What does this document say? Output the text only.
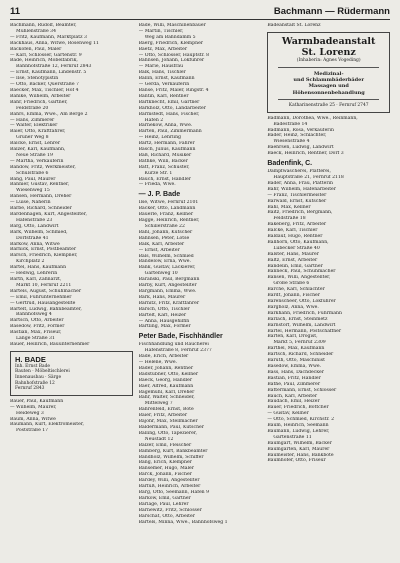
11	Bachmann — Rüdermann
Bachmann, Rudolf, Beamter,
Mühlenstraße 34
— Fritz, Kaufmann, Marktplatz 3
Backhaus, Anna, Witwe, Rosenweg 11
Backofen, Paul, Maler
— Karl, Schlosser, Gartenstr. 9
Bade, Heinrich, Möbelfabrik,
Bahnhofstraße 12, Fernruf 2843
— Ernst, Kaufmann, Lindenstr. 5
— Ilse, Stenotypistin
— Otto, Bäcker, Querstraße 7
Baecker, Max, Tischler, Hof 4
Bahlke, Wilhelm, Arbeiter
Bahr, Friedrich, Gärtner,
Feldstraße 20
Bahrs, Emma, Wwe., Am Berge 2
— Hans, Zimmerer
— Walter, Elektriker
Baier, Otto, Kraftfahrer,
Grüner Weg 8
Balcke, Ernst, Lehrer
Balzer, Karl, Kaufmann,
Neue Straße 19
— Martha, Verkäuferin
Bandow, Fritz, Werkmeister,
Schulstraße 6
Bang, Paul, Maurer
Bannier, Gustav, Rentner,
Wiesenweg 15
Bansen, Hermann, Dreher
— Luise, Näherin
Barbe, Richard, Schneider
Bardenhagen, Kurt, Angestellter,
Hafenstraße 23
Barg, Otto, Landwirt
Bark, Wilhelm, Schmied,
Dorfstraße 41
Barkow, Anna, Witwe
Barnick, Ernst, Postbeamter
Barsch, Friedrich, Klempner,
Kirchplatz 2
Bartel, Hans, Kaufmann
— Hedwig, Lehrerin
Barth, Karl, Zahnarzt,
Markt 10, Fernruf 2211
Bartels, August, Schuhmacher
— Emil, Fuhrunternehmer
— Gertrud, Hausangestellte
Bartelt, Ludwig, Bahnbeamter,
Bahnhofsweg 4
Bartsch, Otto, Arbeiter
Basedow, Fritz, Former
Bastian, Max, Friseur,
Lange Straße 31
Bauer, Heinrich, Bauunternehmer
H. BADE
Inh. Ernst Bade
Bauten · Möbeltischlerei
Innenausbau · Särge
Bahnhofstraße 12
Fernruf 2843
Bauer, Paul, Kaufmann
— Wilhelm, Maurer,
Heideweg 3
Baum, Anna, Witwe
Baumann, Kurt, Elektromeister,
Poststraße 17
Bade, Willi, Maschinenbauer
— Martin, Tischler,
Weg am Bahndamm 5
Baerg, Friedrich, Klempner
Baetz, Max, Arbeiter
— Otto, Schlosser, Hauptstr. 8
Bahnsen, Johann, Lokführer
— Marie, Hausfrau
Balk, Hans, Tischler
Ballin, Ernst, Kaufmann
— Gerda, Verkäuferin
Banse, Fritz, Maler, Ringstr. 4
Bantin, Karl, Rentner
Barfknecht, Emil, Gärtner
Barkholz, Otto, Landarbeiter
Barmstedt, Hans, Fischer,
Hafen 2
Barnekow, Anna, Wwe.
Barten, Paul, Zimmermann
— Heinz, Lehrling
Bartz, Hermann, Fahrer
Basch, Julius, Kaufmann
Baß, Richard, Musiker
Bathke, Willi, Bäcker
Batt, Franz, Schuster,
Kurze Str. 1
Bauch, Ernst, Händler
— Frieda, Wwe.
— J. P. Bade
Ilse, Witwe, Fernruf 2101
Bäcker, Otto, Landmann
Bäuerle, Franz, Kellner
Bagge, Heinrich, Rentner,
Schillerstraße 22
Bahl, Johann, Kutscher
Bahnsen, Peter, Lotse
Balk, Karl, Arbeiter
— Ernst, Arbeiter
Bals, Wilhelm, Schmied
Bandelow, Erna, Wwe.
Bank, Gustav, Lackierer,
Gartenweg 10
Baranski, Paul, Bergmann
Barby, Kurt, Angestellter
Bargmann, Emma, Wwe.
Bark, Hans, Maurer
Barnitz, Fritz, Kraftfahrer
Barsch, Otto, Tischler
Bartelt, Karl, Heizer
— Anna, Hausgehilfin
Bartling, Max, Former
Peter Bade, Fischhändler
Fischhandlung und Räucherei
Hafenstraße 8, Fernruf 2377
Bade, Erich, Arbeiter
— Helene, Wwe.
Bader, Johann, Rentner
Badstübner, Otto, Kellner
Baeck, Georg, Händler
Baer, Alfred, Kaufmann
Bagemühl, Karl, Dreher
Bahr, Walter, Schneider,
Mittelweg 7
Bahrenfeld, Ernst, Bote
Baier, Fritz, Arbeiter
Bajohr, Max, Stellmacher
Baldermann, Paul, Kutscher
Balling, Otto, Tapezierer,
Neustadt 12
Balzer, Emil, Fleischer
Bamberg, Kurt, Bankbeamter
Bandholz, Wilhelm, Schiffer
Bang, Erich, Klempner
Bansemer, Hugo, Maler
Barck, Johann, Fischer
Bardey, Willi, Angestellter
Barfuß, Heinrich, Arbeiter
Barg, Otto, Seemann, Hafen 9
Barkow, Emil, Gärtner
Barlage, Paul, Lehrer
Barnewitz, Fritz, Schlosser
Barschat, Otto, Arbeiter
Bartels, Minna, Wwe., Bahnhofsweg 1
Badeanstalt St. Lorenz
Warmbadeanstalt
St. Lorenz
(Inhaberin: Agnes Vogeding)
Medizinal-
und Schlammbäderbäder
Massagen und
Höhensonnenbehandlung
Katharinenstraße 25 · Fernruf 2747
Badmann, Dorothea, Wwe., Reinmann,
Badestraße 14
Badmann, Rosa, Verkäuferin
Bäder, Heinz, Schlachter,
Wiesenstraße 4
Baehrsen, Ludwig, Landwirt
Baeck, Heinrich, Rentner, Dorf 3
Badenfink, C.
Dampfwäscherei, Plätterei,
Hauptstraße 21, Fernruf 2118
Bader, Anna, Frau, Plätterin
Bähr, Wilhelm, Hafenarbeiter
— Franz, Tischlermeister
Bärwald, Ernst, Kutscher
Bahl, Max, Kellner
Baitz, Friedrich, Bergmann,
Feldstraße 18
Bakeberg, Fritz, Arbeiter
Balcke, Karl, Tischler
Baldauf, Hugo, Rentner
Ballhorn, Otto, Kaufmann,
Lübecker Straße 40
Balster, Hans, Maurer
Baltz, Ernst, Arbeiter
Bandelin, Emil, Gärtner
Banneck, Paul, Schuhmacher
Bansen, Willi, Angestellter,
Große Straße 6
Barche, Karl, Schlachter
Bardt, Johann, Fischer
Barenscheer, Otto, Lokführer
Bargholz, Anna, Wwe.
Barkhahn, Friedrich, Fuhrmann
Barlach, Ernst, Steinmetz
Barnstorf, Wilhelm, Landwirt
Bartel, Hermann, Postschaffner
Barten, Karl, Drogist,
Markt 5, Fernruf 2309
Barthel, Max, Kaufmann
Bartsch, Richard, Schneider
Baruth, Otto, Maschinist
Basedow, Emma, Wwe.
Bass, Hans, Dachdecker
Bastian, Fritz, Händler
Bathe, Paul, Zimmerer
Battermann, Ernst, Schlosser
Bauch, Karl, Arbeiter
Baudach, Emil, Heizer
Bauer, Friedrich, Böttcher
— Gustav, Kellner
— Otto, Schmied, Kirchstr. 2
Baum, Heinrich, Seemann
Baumann, Ludwig, Lehrer,
Gartenstraße 11
Baumgart, Wilhelm, Bäcker
Baumgarten, Karl, Maurer
Baumeister, Hans, Bankbote
Baumhöfer, Otto, Friseur
